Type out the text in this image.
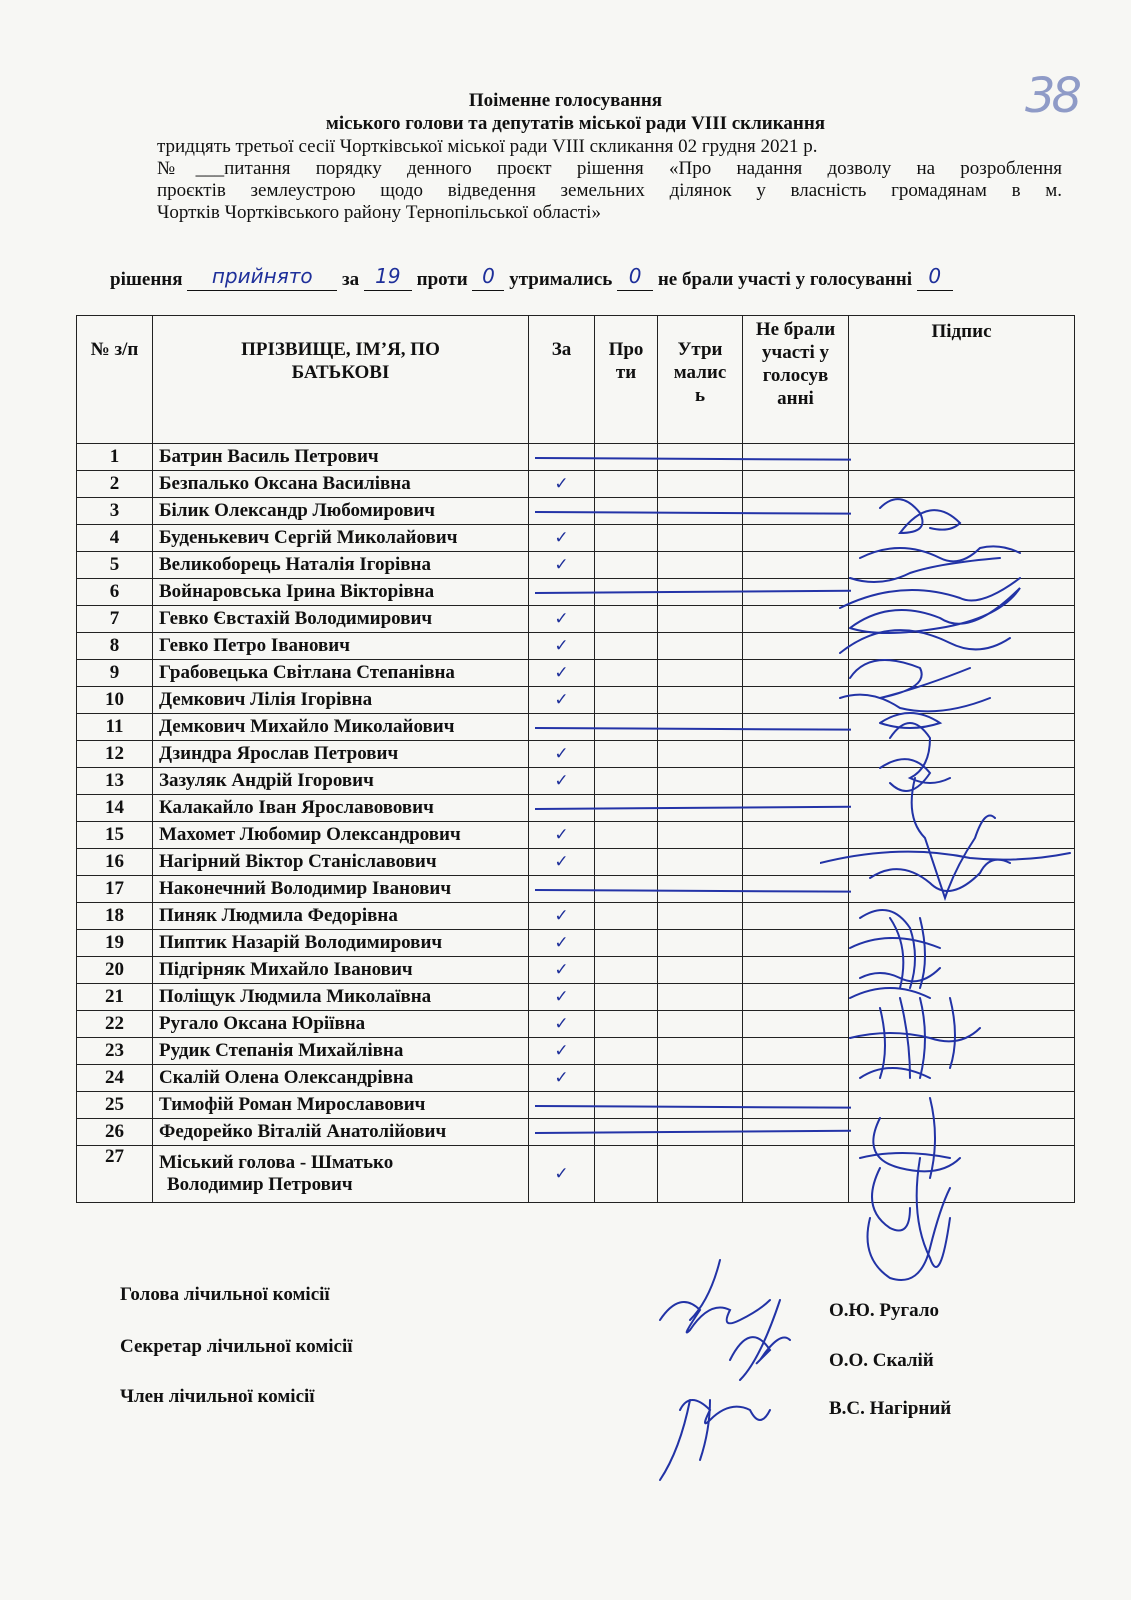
38
Поіменне голосування
міського голови та депутатів міської ради VIII скликання
тридцять третьої сесії Чортківської міської ради VIII скликання 02 грудня 2021 р.
№___питання порядку денного проєкт рішення «Про надання дозволу на розроблення
проєктів землеустрою щодо відведення земельних ділянок у власність громадянам в м.
Чортків Чортківського району Тернопільської області»
рішення прийнято за 19 проти 0 утримались 0 не брали участі у голосуванні 0
№ з/п	ПРІЗВИЩЕ, ІМ’Я, ПО БАТЬКОВІ	За	Про ти	Утри малис ь	Не брали участі у голосув анні	Підпис
1	Батрин Василь Петрович					
2	Безпалько Оксана Василівна	✓				
3	Білик Олександр Любомирович					
4	Буденькевич Сергій Миколайович	✓				
5	Великоборець Наталія Ігорівна	✓				
6	Войнаровська Ірина Вікторівна					
7	Гевко Євстахій Володимирович	✓				
8	Гевко Петро Іванович	✓				
9	Грабовецька Світлана Степанівна	✓				
10	Демкович Лілія Ігорівна	✓				
11	Демкович Михайло Миколайович					
12	Дзиндра Ярослав Петрович	✓				
13	Зазуляк Андрій Ігорович	✓				
14	Калакайло Іван Ярославовович					
15	Махомет Любомир Олександрович	✓				
16	Нагірний Віктор Станіславович	✓				
17	Наконечний Володимир Іванович					
18	Пиняк Людмила Федорівна	✓				
19	Пиптик Назарій Володимирович	✓				
20	Підгірняк Михайло Іванович	✓				
21	Поліщук Людмила Миколаївна	✓				
22	Ругало Оксана Юріївна	✓				
23	Рудик Степанія Михайлівна	✓				
24	Скалій Олена Олександрівна	✓				
25	Тимофій Роман Мирославович					
26	Федорейко Віталій Анатолійович					
27	Міський голова - Шматько
Володимир Петрович	✓				
Голова лічильної комісії
Секретар лічильної комісії
Член лічильної комісії
О.Ю. Ругало
О.О. Скалій
В.С. Нагірний
